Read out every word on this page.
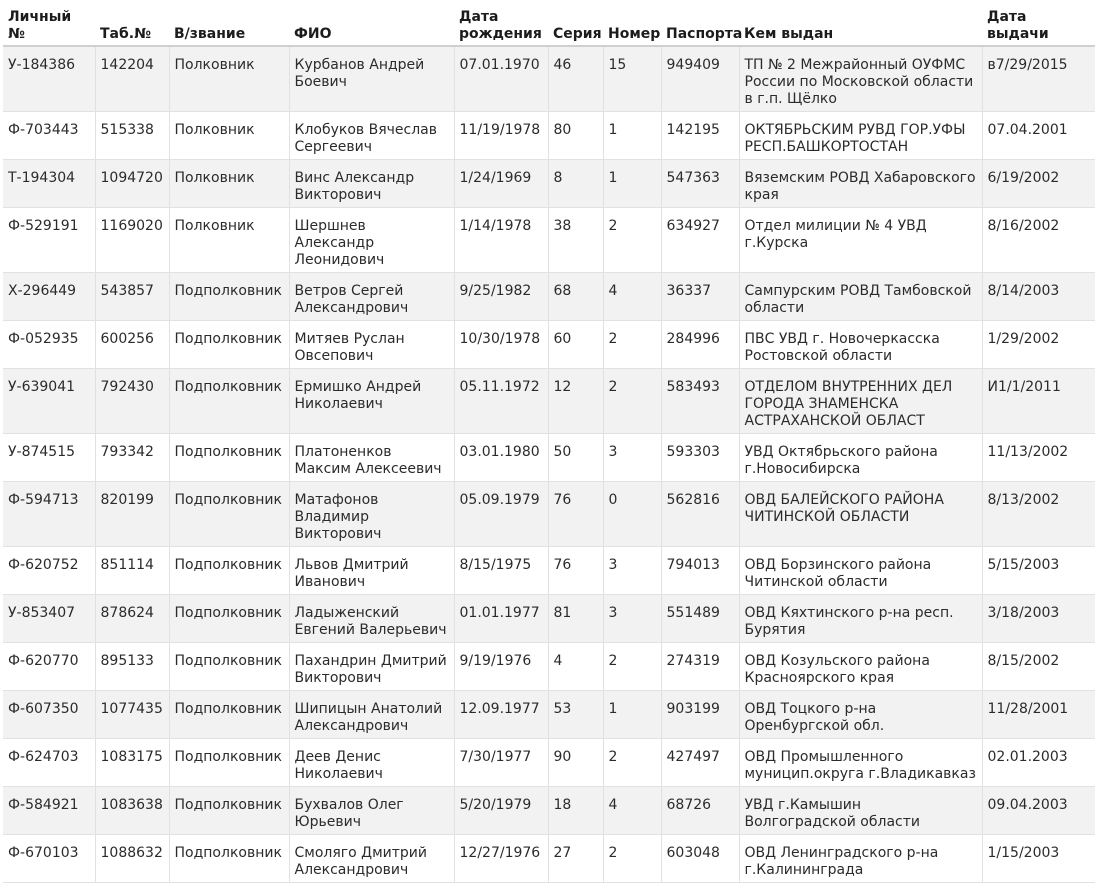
Личный №	Таб.№	В/звание	ФИО	Дата рождения	Серия	Номер	Паспорта	Кем выдан	Дата выдачи
У-184386	142204	Полковник	Курбанов Андрей Боевич	07.01.1970	46	15	949409	ТП № 2 Межрайонный ОУФМС России по Московской области в г.п. Щёлко	в7/29/2015
Ф-703443	515338	Полковник	Клобуков Вячеслав Сергеевич	11/19/1978	80	1	142195	ОКТЯБРЬСКИМ РУВД ГОР.УФЫ РЕСП.БАШКОРТОСТАН	07.04.2001
Т-194304	1094720	Полковник	Винс Александр Викторович	1/24/1969	8	1	547363	Вяземским РОВД Хабаровского края	6/19/2002
Ф-529191	1169020	Полковник	Шершнев Александр Леонидович	1/14/1978	38	2	634927	Отдел милиции № 4 УВД г.Курска	8/16/2002
Х-296449	543857	Подполковник	Ветров Сергей Александрович	9/25/1982	68	4	36337	Сампурским РОВД Тамбовской области	8/14/2003
Ф-052935	600256	Подполковник	Митяев Руслан Овсепович	10/30/1978	60	2	284996	ПВС УВД г. Новочеркасска Ростовской области	1/29/2002
У-639041	792430	Подполковник	Ермишко Андрей Николаевич	05.11.1972	12	2	583493	ОТДЕЛОМ ВНУТРЕННИХ ДЕЛ ГОРОДА ЗНАМЕНСКА АСТРАХАНСКОЙ ОБЛАСТ	И1/1/2011
У-874515	793342	Подполковник	Платоненков Максим Алексеевич	03.01.1980	50	3	593303	УВД Октябрьского района г.Новосибирска	11/13/2002
Ф-594713	820199	Подполковник	Матафонов Владимир Викторович	05.09.1979	76	0	562816	ОВД БАЛЕЙСКОГО РАЙОНА ЧИТИНСКОЙ ОБЛАСТИ	8/13/2002
Ф-620752	851114	Подполковник	Львов Дмитрий Иванович	8/15/1975	76	3	794013	ОВД Борзинского района Читинской области	5/15/2003
У-853407	878624	Подполковник	Ладыженский Евгений Валерьевич	01.01.1977	81	3	551489	ОВД Кяхтинского р-на респ. Бурятия	3/18/2003
Ф-620770	895133	Подполковник	Пахандрин Дмитрий Викторович	9/19/1976	4	2	274319	ОВД Козульского района Красноярского края	8/15/2002
Ф-607350	1077435	Подполковник	Шипицын Анатолий Александрович	12.09.1977	53	1	903199	ОВД Тоцкого р-на Оренбургской обл.	11/28/2001
Ф-624703	1083175	Подполковник	Деев Денис Николаевич	7/30/1977	90	2	427497	ОВД Промышленного муницип.округа г.Владикавказ	02.01.2003
Ф-584921	1083638	Подполковник	Бухвалов Олег Юрьевич	5/20/1979	18	4	68726	УВД г.Камышин Волгоградской области	09.04.2003
Ф-670103	1088632	Подполковник	Смоляго Дмитрий Александрович	12/27/1976	27	2	603048	ОВД Ленинградского р-на г.Калининграда	1/15/2003
